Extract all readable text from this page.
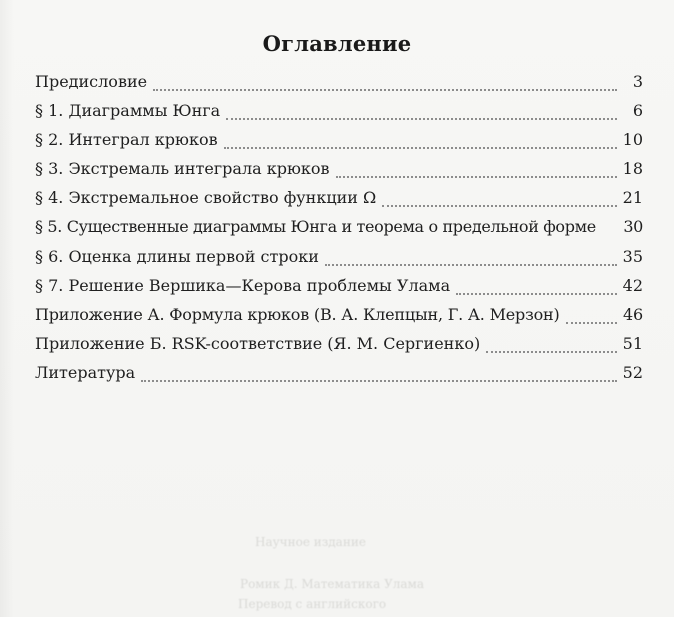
Оглавление
Предисловие	3
§ 1. Диаграммы Юнга	6
§ 2. Интеграл крюков	10
§ 3. Экстремаль интеграла крюков	18
§ 4. Экстремальное свойство функции Ω	21
§ 5. Существенные диаграммы Юнга и теорема о предельной форме 30
§ 6. Оценка длины первой строки	35
§ 7. Решение Вершика—Керова проблемы Улама	42
Приложение А. Формула крюков (В. А. Клепцын, Г. А. Мерзон)	46
Приложение Б. RSK-соответствие (Я. М. Сергиенко)	51
Литература	52
Научное издание
Ромик Д. Математика Улама
Перевод с английского
